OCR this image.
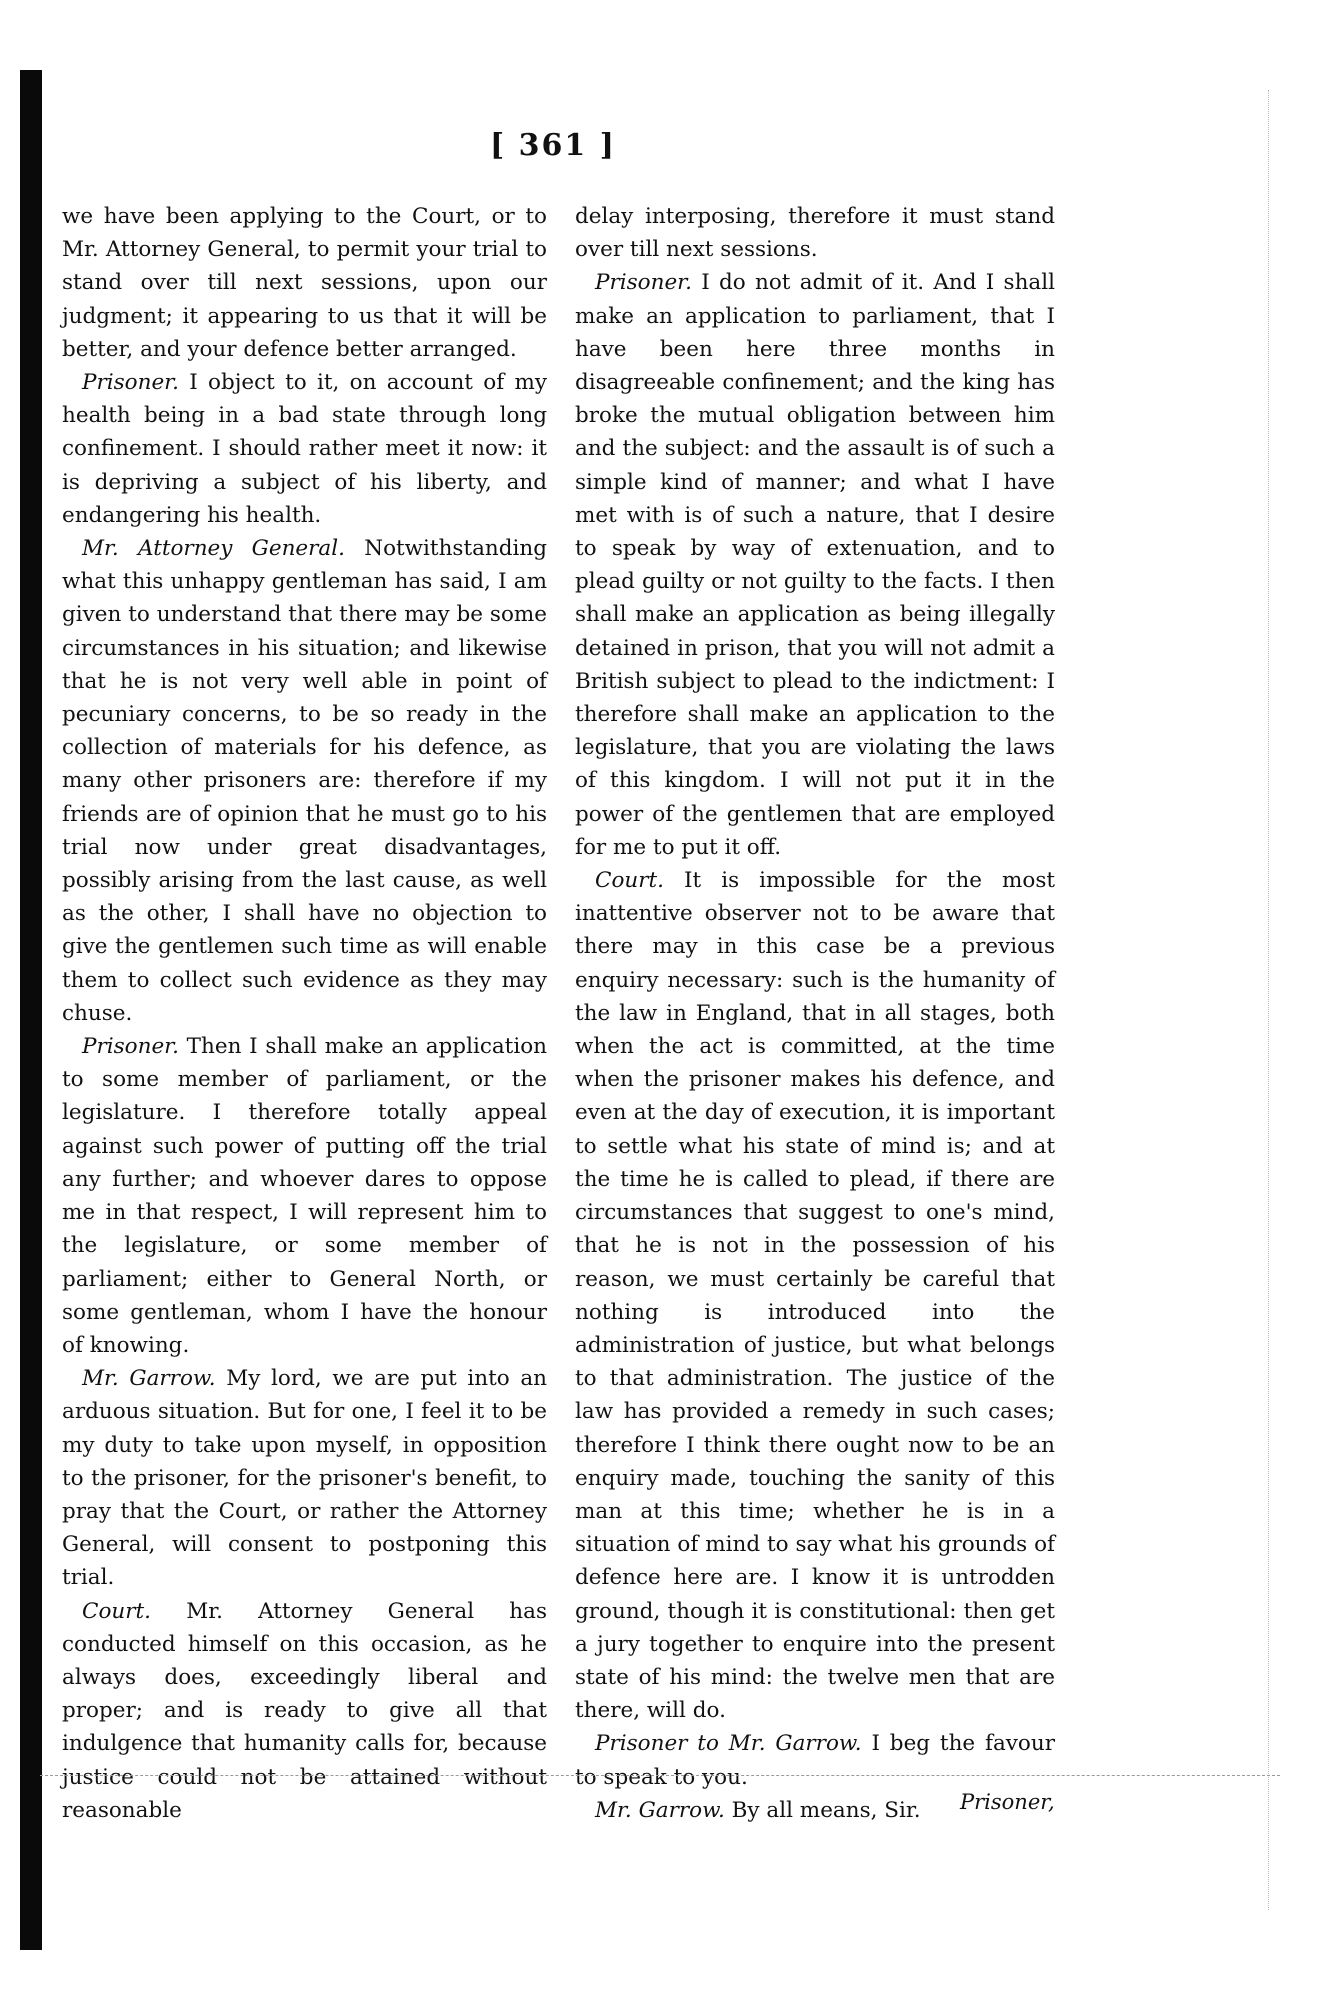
[ 361 ]

we have been applying to the Court, or to Mr. Attorney General, to permit your trial to stand over till next sessions, upon our judgment; it appearing to us that it will be better, and your defence better arranged.

Prisoner. I object to it, on account of my health being in a bad state through long confinement. I should rather meet it now: it is depriving a subject of his liberty, and endangering his health.

Mr. Attorney General. Notwithstanding what this unhappy gentleman has said, I am given to understand that there may be some circumstances in his situation; and likewise that he is not very well able in point of pecuniary concerns, to be so ready in the collection of materials for his defence, as many other prisoners are: therefore if my friends are of opinion that he must go to his trial now under great disadvantages, possibly arising from the last cause, as well as the other, I shall have no objection to give the gentlemen such time as will enable them to collect such evidence as they may chuse.

Prisoner. Then I shall make an application to some member of parliament, or the legislature. I therefore totally appeal against such power of putting off the trial any further; and whoever dares to oppose me in that respect, I will represent him to the legislature, or some member of parliament; either to General North, or some gentleman, whom I have the honour of knowing.

Mr. Garrow. My lord, we are put into an arduous situation. But for one, I feel it to be my duty to take upon myself, in opposition to the prisoner, for the prisoner's benefit, to pray that the Court, or rather the Attorney General, will consent to postponing this trial.

Court. Mr. Attorney General has conducted himself on this occasion, as he always does, exceedingly liberal and proper; and is ready to give all that indulgence that humanity calls for, because justice could not be attained without reasonable

delay interposing, therefore it must stand over till next sessions.

Prisoner. I do not admit of it. And I shall make an application to parliament, that I have been here three months in disagreeable confinement; and the king has broke the mutual obligation between him and the subject: and the assault is of such a simple kind of manner; and what I have met with is of such a nature, that I desire to speak by way of extenuation, and to plead guilty or not guilty to the facts. I then shall make an application as being illegally detained in prison, that you will not admit a British subject to plead to the indictment: I therefore shall make an application to the legislature, that you are violating the laws of this kingdom. I will not put it in the power of the gentlemen that are employed for me to put it off.

Court. It is impossible for the most inattentive observer not to be aware that there may in this case be a previous enquiry necessary: such is the humanity of the law in England, that in all stages, both when the act is committed, at the time when the prisoner makes his defence, and even at the day of execution, it is important to settle what his state of mind is; and at the time he is called to plead, if there are circumstances that suggest to one's mind, that he is not in the possession of his reason, we must certainly be careful that nothing is introduced into the administration of justice, but what belongs to that administration. The justice of the law has provided a remedy in such cases; therefore I think there ought now to be an enquiry made, touching the sanity of this man at this time; whether he is in a situation of mind to say what his grounds of defence here are. I know it is untrodden ground, though it is constitutional: then get a jury together to enquire into the present state of his mind: the twelve men that are there, will do.

Prisoner to Mr. Garrow. I beg the favour to speak to you.

Mr. Garrow. By all means, Sir.	Prisoner,
